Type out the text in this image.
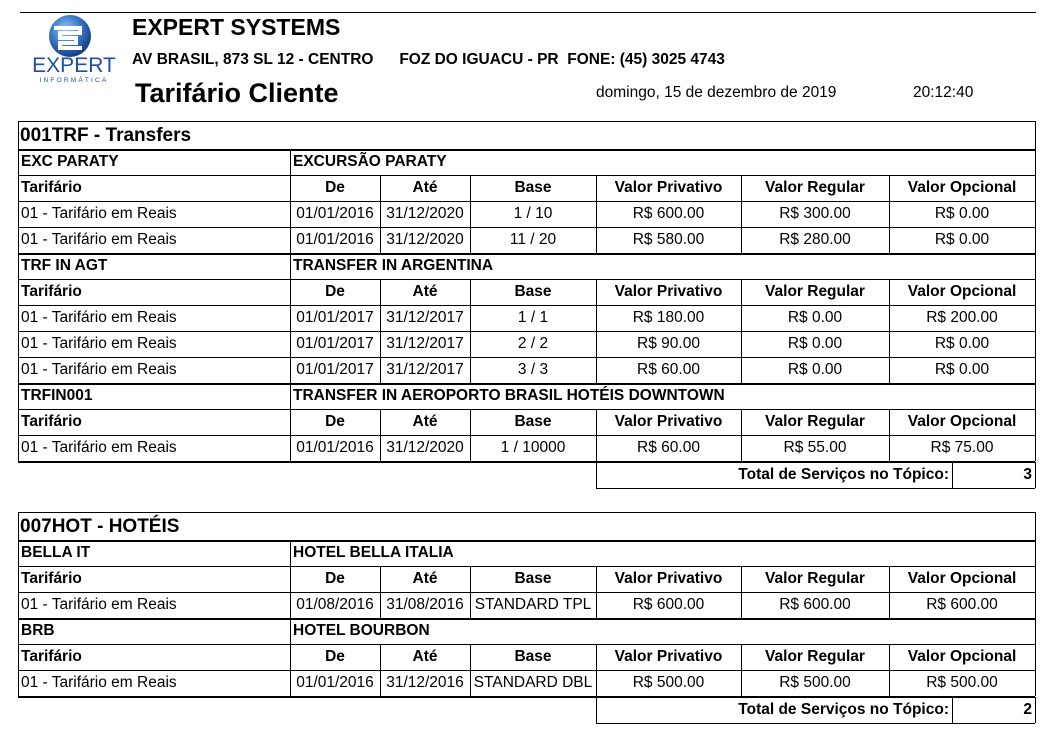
EXPERT
INFORMÁTICA
EXPERT SYSTEMS
AV BRASIL, 873 SL 12 - CENTRO FOZ DO IGUACU - PR FONE: (45) 3025 4743
Tarifário Cliente	domingo, 15 de dezembro de 2019	20:12:40
001TRF - Transfers
EXC PARATY	EXCURSÃO PARATY
Tarifário	De	Até	Base	Valor Privativo	Valor Regular	Valor Opcional
01 - Tarifário em Reais	01/01/2016 31/12/2020	1 / 10	R$ 600.00	R$ 300.00	R$ 0.00
01 - Tarifário em Reais	01/01/2016 31/12/2020	11 / 20	R$ 580.00	R$ 280.00	R$ 0.00
TRF IN AGT	TRANSFER IN ARGENTINA
Tarifário	De	Até	Base	Valor Privativo	Valor Regular	Valor Opcional
01 - Tarifário em Reais	01/01/2017 31/12/2017	1 / 1	R$ 180.00	R$ 0.00	R$ 200.00
01 - Tarifário em Reais	01/01/2017 31/12/2017	2 / 2	R$ 90.00	R$ 0.00	R$ 0.00
01 - Tarifário em Reais	01/01/2017 31/12/2017	3 / 3	R$ 60.00	R$ 0.00	R$ 0.00
TRFIN001	TRANSFER IN AEROPORTO BRASIL HOTÉIS DOWNTOWN
Tarifário	De	Até	Base	Valor Privativo	Valor Regular	Valor Opcional
01 - Tarifário em Reais	01/01/2016 31/12/2020	1 / 10000	R$ 60.00	R$ 55.00	R$ 75.00
Total de Serviços no Tópico:	3
007HOT - HOTÉIS
BELLA IT	HOTEL BELLA ITALIA
Tarifário	De	Até	Base	Valor Privativo	Valor Regular	Valor Opcional
01 - Tarifário em Reais	01/08/2016 31/08/2016 STANDARD TPL	R$ 600.00	R$ 600.00	R$ 600.00
BRB	HOTEL BOURBON
Tarifário	De	Até	Base	Valor Privativo	Valor Regular	Valor Opcional
01 - Tarifário em Reais	01/01/2016 31/12/2016 STANDARD DBL	R$ 500.00	R$ 500.00	R$ 500.00
Total de Serviços no Tópico:	2
